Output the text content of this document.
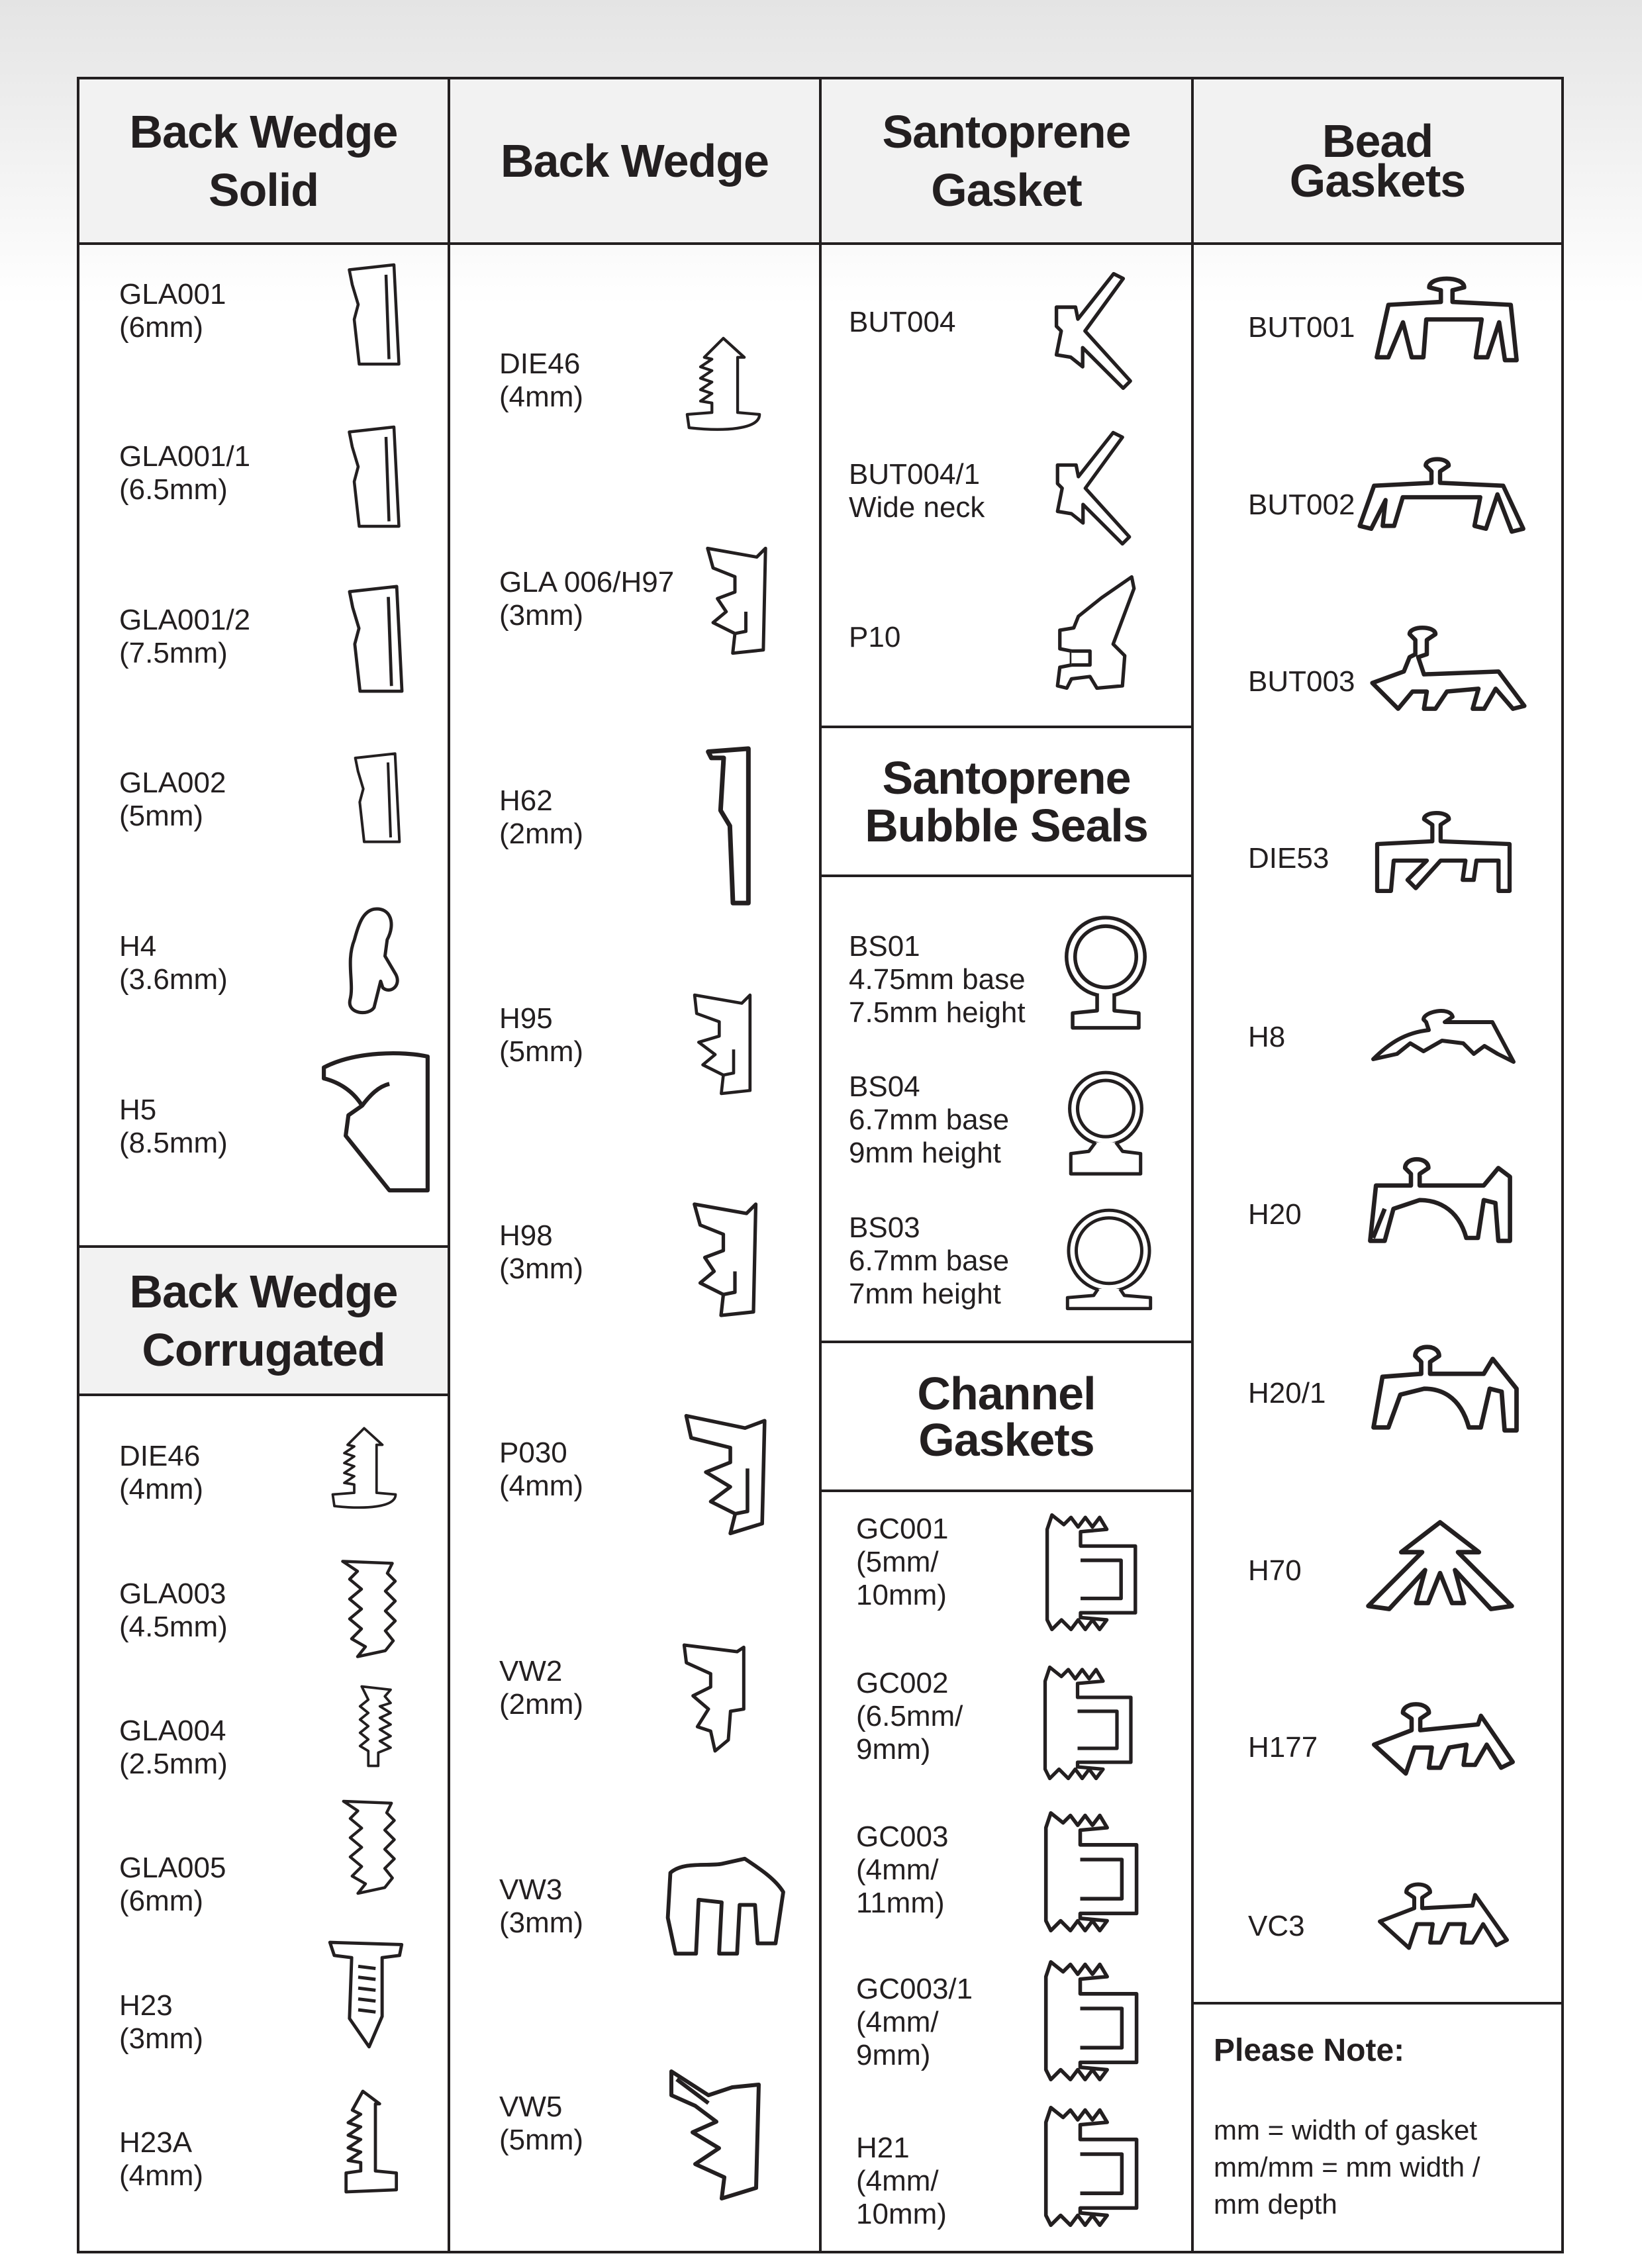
Back Wedge
Solid
Back Wedge
Santoprene
Gasket
Bead
Gaskets
Back Wedge
Corrugated
Santoprene
Bubble Seals
Channel
Gaskets
GLA001
(6mm)
GLA001/1
(6.5mm)
GLA001/2
(7.5mm)
GLA002
(5mm)
H4
(3.6mm)
H5
(8.5mm)
DIE46
(4mm)
GLA003
(4.5mm)
GLA004
(2.5mm)
GLA005
(6mm)
H23
(3mm)
H23A
(4mm)
DIE46
(4mm)
GLA 006/H97
(3mm)
H62
(2mm)
H95
(5mm)
H98
(3mm)
P030
(4mm)
VW2
(2mm)
VW3
(3mm)
VW5
(5mm)
BUT004
BUT004/1
Wide neck
P10
BS01
4.75mm base
7.5mm height
BS04
6.7mm base
9mm height
BS03
6.7mm base
7mm height
GC001
(5mm/
10mm)
GC002
(6.5mm/
9mm)
GC003
(4mm/
11mm)
GC003/1
(4mm/
9mm)
H21
(4mm/
10mm)
BUT001
BUT002
BUT003
DIE53
H8
H20
H20/1
H70
H177
VC3
Please Note:
mm = width of gasket
mm/mm = mm width /
mm depth
